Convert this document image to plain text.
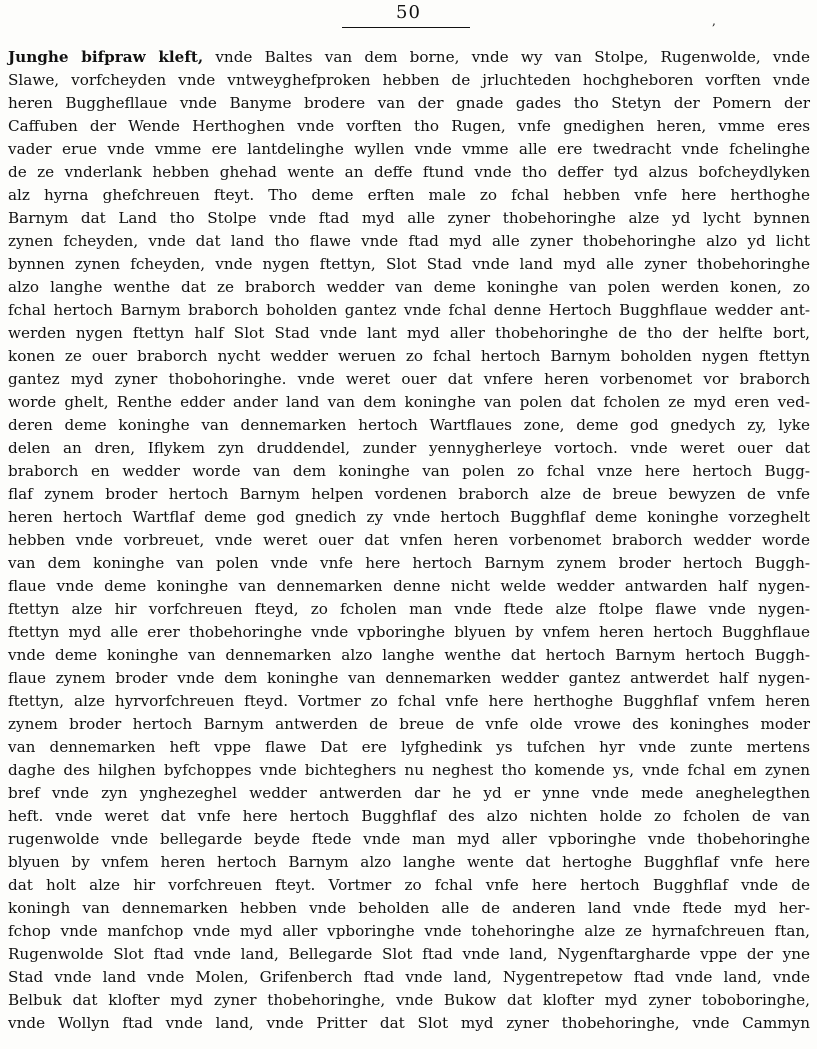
50	,
Junghe bifpraw kleft, vnde Baltes van dem borne, vnde wy van Stolpe, Rugenwolde, vnde
Slawe, vorfcheyden vnde vntweyghefproken hebben de jrluchteden hochgheboren vorften vnde
heren Bugghefllaue vnde Banyme brodere van der gnade gades tho Stetyn der Pomern der
Caffuben der Wende Herthoghen vnde vorften tho Rugen, vnfe gnedighen heren, vmme eres
vader erue vnde vmme ere lantdelinghe wyllen vnde vmme alle ere twedracht vnde fchelinghe
de ze vnderlank hebben ghehad wente an deffe ftund vnde tho deffer tyd alzus bofcheydlyken
alz hyrna ghefchreuen fteyt. Tho deme erften male zo fchal hebben vnfe here herthoghe
Barnym dat Land tho Stolpe vnde ftad myd alle zyner thobehoringhe alze yd lycht bynnen
zynen fcheyden, vnde dat land tho flawe vnde ftad myd alle zyner thobehoringhe alzo yd licht
bynnen zynen fcheyden, vnde nygen ftettyn, Slot Stad vnde land myd alle zyner thobehoringhe
alzo langhe wenthe dat ze braborch wedder van deme koninghe van polen werden konen, zo
fchal hertoch Barnym braborch boholden gantez vnde fchal denne Hertoch Bugghflaue wedder ant-
werden nygen ftettyn half Slot Stad vnde lant myd aller thobehoringhe de tho der helfte bort,
konen ze ouer braborch nycht wedder weruen zo fchal hertoch Barnym boholden nygen ftettyn
gantez myd zyner thobohoringhe. vnde weret ouer dat vnfere heren vorbenomet vor braborch
worde ghelt, Renthe edder ander land van dem koninghe van polen dat fcholen ze myd eren ved-
deren deme koninghe van dennemarken hertoch Wartflaues zone, deme god gnedych zy, lyke
delen an dren, Iflykem zyn druddendel, zunder yennygherleye vortoch. vnde weret ouer dat
braborch en wedder worde van dem koninghe van polen zo fchal vnze here hertoch Bugg-
flaf zynem broder hertoch Barnym helpen vordenen braborch alze de breue bewyzen de vnfe
heren hertoch Wartflaf deme god gnedich zy vnde hertoch Bugghflaf deme koninghe vorzeghelt
hebben vnde vorbreuet, vnde weret ouer dat vnfen heren vorbenomet braborch wedder worde
van dem koninghe van polen vnde vnfe here hertoch Barnym zynem broder hertoch Buggh-
flaue vnde deme koninghe van dennemarken denne nicht welde wedder antwarden half nygen-
ftettyn alze hir vorfchreuen fteyd, zo fcholen man vnde ftede alze ftolpe flawe vnde nygen-
ftettyn myd alle erer thobehoringhe vnde vpboringhe blyuen by vnfem heren hertoch Bugghflaue
vnde deme koninghe van dennemarken alzo langhe wenthe dat hertoch Barnym hertoch Buggh-
flaue zynem broder vnde dem koninghe van dennemarken wedder gantez antwerdet half nygen-
ftettyn, alze hyrvorfchreuen fteyd. Vortmer zo fchal vnfe here herthoghe Bugghflaf vnfem heren
zynem broder hertoch Barnym antwerden de breue de vnfe olde vrowe des koninghes moder
van dennemarken heft vppe flawe Dat ere lyfghedink ys tufchen hyr vnde zunte mertens
daghe des hilghen byfchoppes vnde bichteghers nu neghest tho komende ys, vnde fchal em zynen
bref vnde zyn ynghezeghel wedder antwerden dar he yd er ynne vnde mede aneghelegthen
heft. vnde weret dat vnfe here hertoch Bugghflaf des alzo nichten holde zo fcholen de van
rugenwolde vnde bellegarde beyde ftede vnde man myd aller vpboringhe vnde thobehoringhe
blyuen by vnfem heren hertoch Barnym alzo langhe wente dat hertoghe Bugghflaf vnfe here
dat holt alze hir vorfchreuen fteyt. Vortmer zo fchal vnfe here hertoch Bugghflaf vnde de
koningh van dennemarken hebben vnde beholden alle de anderen land vnde ftede myd her-
fchop vnde manfchop vnde myd aller vpboringhe vnde tohehoringhe alze ze hyrnafchreuen ftan,
Rugenwolde Slot ftad vnde land, Bellegarde Slot ftad vnde land, Nygenftargharde vppe der yne
Stad vnde land vnde Molen, Grifenberch ftad vnde land, Nygentrepetow ftad vnde land, vnde
Belbuk dat klofter myd zyner thobehoringhe, vnde Bukow dat klofter myd zyner toboboringhe,
vnde Wollyn ftad vnde land, vnde Pritter dat Slot myd zyner thobehoringhe, vnde Cammyn
